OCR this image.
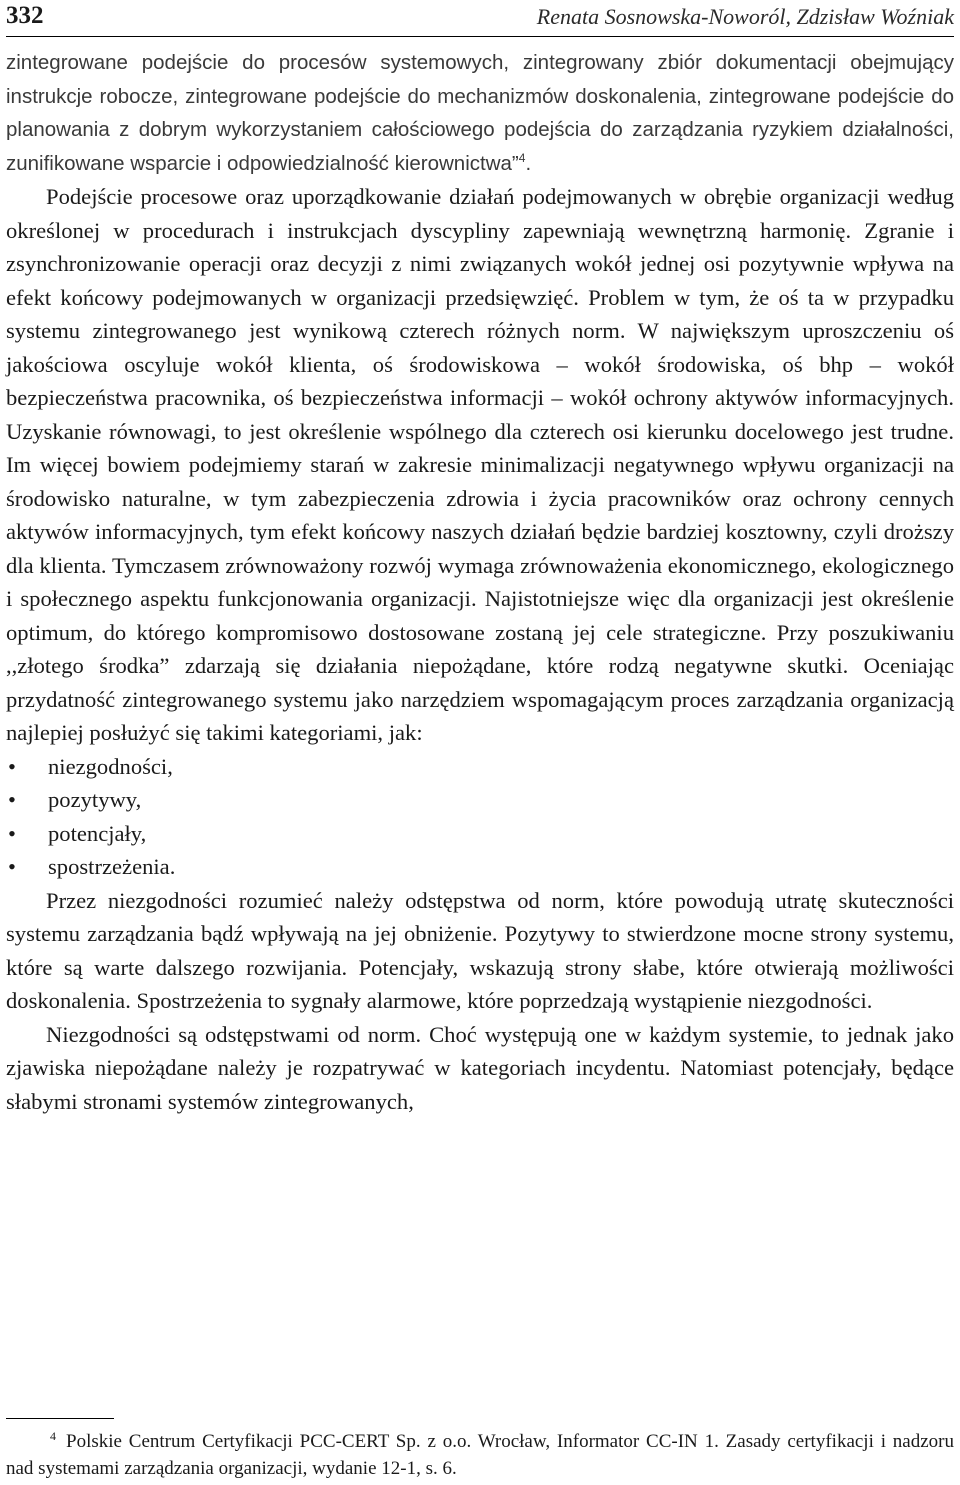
332	Renata Sosnowska-Noworól, Zdzisław Woźniak

zintegrowane podejście do procesów systemowych, zintegrowany zbiór dokumentacji obejmujący instrukcje robocze, zintegrowane podejście do mechanizmów doskonalenia, zintegrowane podejście do planowania z dobrym wykorzystaniem całościowego podejścia do zarządzania ryzykiem działalności, zunifikowane wsparcie i odpowiedzialność kierownictwa”$^4$.

Podejście procesowe oraz uporządkowanie działań podejmowanych w obrębie organizacji według określonej w procedurach i instrukcjach dyscypliny zapewniają wewnętrzną harmonię. Zgranie i zsynchronizowanie operacji oraz decyzji z nimi związanych wokół jednej osi pozytywnie wpływa na efekt końcowy podejmowanych w organizacji przedsięwzięć. Problem w tym, że oś ta w przypadku systemu zintegrowanego jest wynikową czterech różnych norm. W największym uproszczeniu oś jakościowa oscyluje wokół klienta, oś środowiskowa – wokół środowiska, oś bhp – wokół bezpieczeństwa pracownika, oś bezpieczeństwa informacji – wokół ochrony aktywów informacyjnych. Uzyskanie równowagi, to jest określenie wspólnego dla czterech osi kierunku docelowego jest trudne. Im więcej bowiem podejmiemy starań w zakresie minimalizacji negatywnego wpływu organizacji na środowisko naturalne, w tym zabezpieczenia zdrowia i życia pracowników oraz ochrony cennych aktywów informacyjnych, tym efekt końcowy naszych działań będzie bardziej kosztowny, czyli droższy dla klienta. Tymczasem zrównoważony rozwój wymaga zrównoważenia ekonomicznego, ekologicznego i społecznego aspektu funkcjonowania organizacji. Najistotniejsze więc dla organizacji jest określenie optimum, do którego kompromisowo dostosowane zostaną jej cele strategiczne. Przy poszukiwaniu ,,złotego środka” zdarzają się działania niepożądane, które rodzą negatywne skutki. Oceniając przydatność zintegrowanego systemu jako narzędziem wspomagającym proces zarządzania organizacją najlepiej posłużyć się takimi kategoriami, jak:

• niezgodności,
• pozytywy,
• potencjały,
• spostrzeżenia.

Przez niezgodności rozumieć należy odstępstwa od norm, które powodują utratę skuteczności systemu zarządzania bądź wpływają na jej obniżenie. Pozytywy to stwierdzone mocne strony systemu, które są warte dalszego rozwijania. Potencjały, wskazują strony słabe, które otwierają możliwości doskonalenia. Spostrzeżenia to sygnały alarmowe, które poprzedzają wystąpienie niezgodności.

Niezgodności są odstępstwami od norm. Choć występują one w każdym systemie, to jednak jako zjawiska niepożądane należy je rozpatrywać w kategoriach incydentu. Natomiast potencjały, będące słabymi stronami systemów zintegrowanych,

$^4$ Polskie Centrum Certyfikacji PCC-CERT Sp. z o.o. Wrocław, Informator CC-IN 1. Zasady certyfikacji i nadzoru nad systemami zarządzania organizacji, wydanie 12-1, s. 6.
